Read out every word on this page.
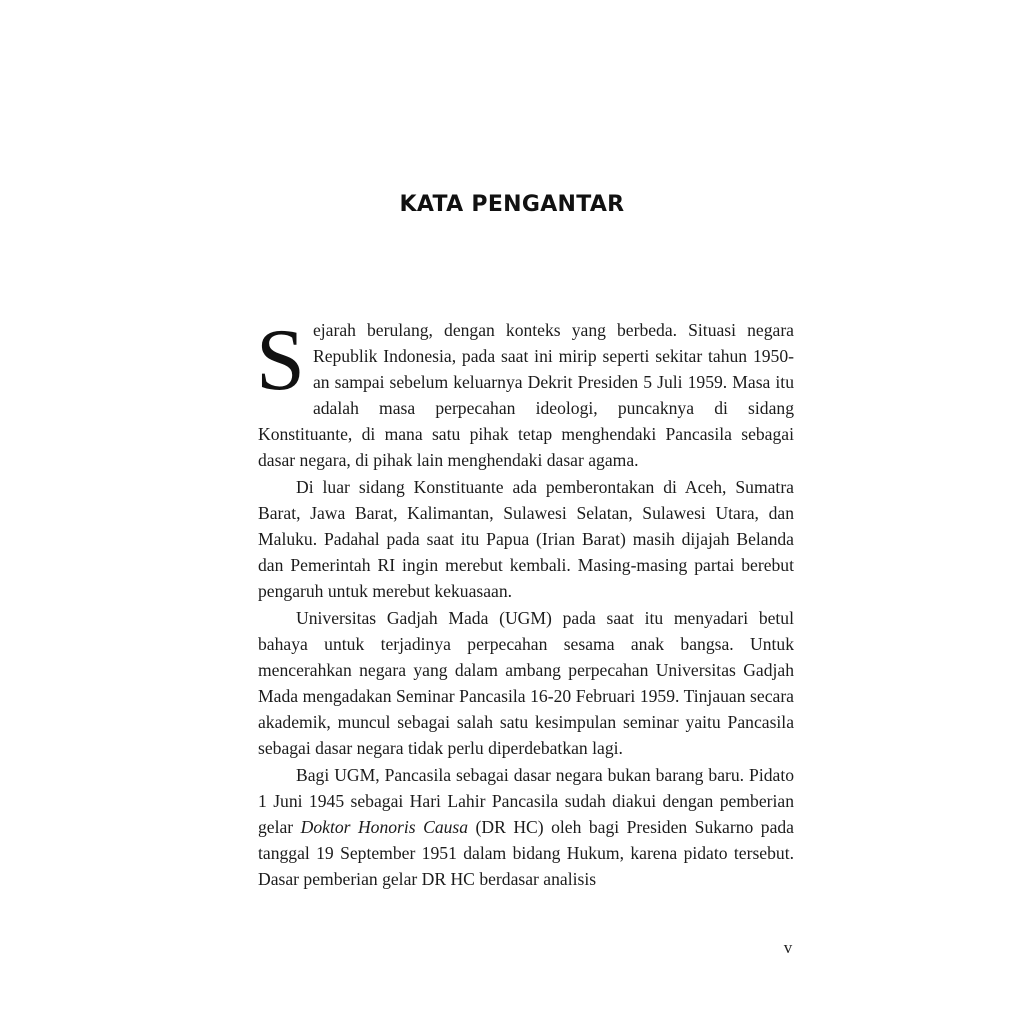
KATA PENGANTAR

Sejarah berulang, dengan konteks yang berbeda. Situasi negara Republik Indonesia, pada saat ini mirip seperti sekitar tahun 1950-an sampai sebelum keluarnya Dekrit Presiden 5 Juli 1959. Masa itu adalah masa perpecahan ideologi, puncaknya di sidang Konstituante, di mana satu pihak tetap menghendaki Pancasila sebagai dasar negara, di pihak lain menghendaki dasar agama.

Di luar sidang Konstituante ada pemberontakan di Aceh, Sumatra Barat, Jawa Barat, Kalimantan, Sulawesi Selatan, Sulawesi Utara, dan Maluku. Padahal pada saat itu Papua (Irian Barat) masih dijajah Belanda dan Pemerintah RI ingin merebut kembali. Masing-masing partai berebut pengaruh untuk merebut kekuasaan.

Universitas Gadjah Mada (UGM) pada saat itu menyadari betul bahaya untuk terjadinya perpecahan sesama anak bangsa. Untuk mencerahkan negara yang dalam ambang perpecahan Universitas Gadjah Mada mengadakan Seminar Pancasila 16-20 Februari 1959. Tinjauan secara akademik, muncul sebagai salah satu kesimpulan seminar yaitu Pancasila sebagai dasar negara tidak perlu diperdebatkan lagi.

Bagi UGM, Pancasila sebagai dasar negara bukan barang baru. Pidato 1 Juni 1945 sebagai Hari Lahir Pancasila sudah diakui dengan pemberian gelar Doktor Honoris Causa (DR HC) oleh bagi Presiden Sukarno pada tanggal 19 September 1951 dalam bidang Hukum, karena pidato tersebut. Dasar pemberian gelar DR HC berdasar analisis

v
